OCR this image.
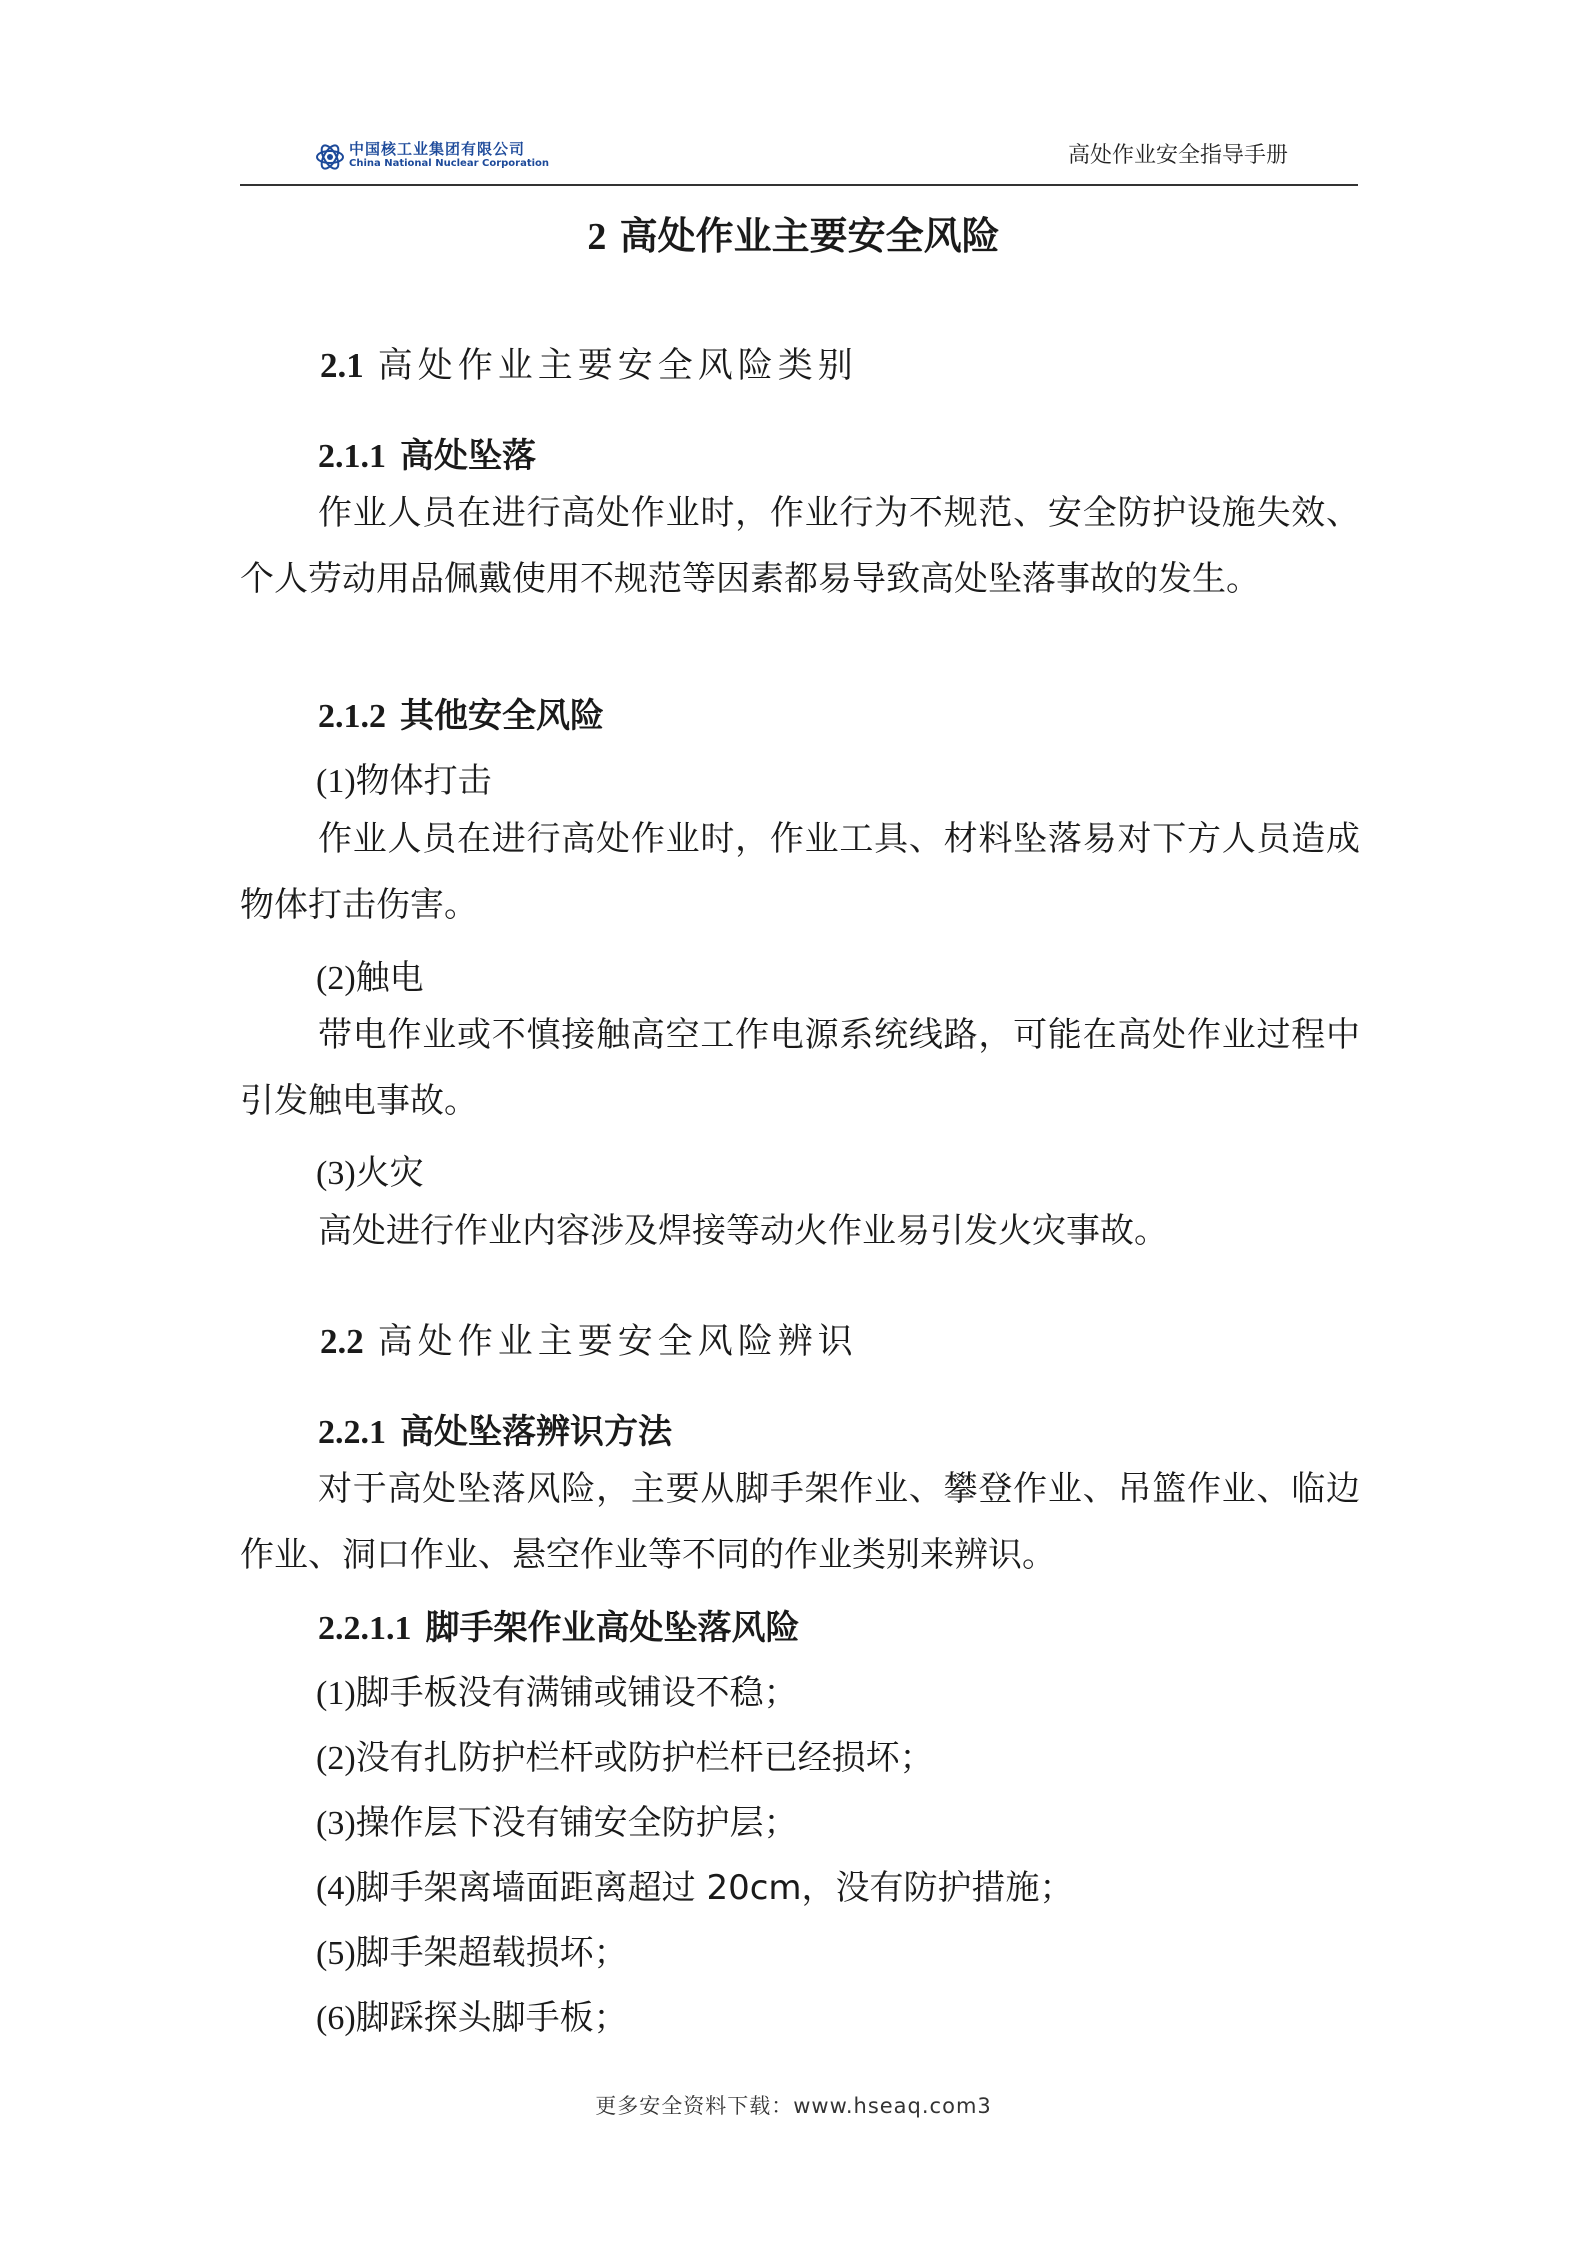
中国核工业集团有限公司
China National Nuclear Corporation	高处作业安全指导手册
2 高处作业主要安全风险
2.1 高处作业主要安全风险类别
2.1.1 高处坠落
作业人员在进行高处作业时，作业行为不规范、安全防护设施失效、个人劳动用品佩戴使用不规范等因素都易导致高处坠落事故的发生。
2.1.2 其他安全风险
(1)物体打击
作业人员在进行高处作业时，作业工具、材料坠落易对下方人员造成物体打击伤害。
(2)触电
带电作业或不慎接触高空工作电源系统线路，可能在高处作业过程中引发触电事故。
(3)火灾
高处进行作业内容涉及焊接等动火作业易引发火灾事故。
2.2 高处作业主要安全风险辨识
2.2.1 高处坠落辨识方法
对于高处坠落风险，主要从脚手架作业、攀登作业、吊篮作业、临边作业、洞口作业、悬空作业等不同的作业类别来辨识。
2.2.1.1 脚手架作业高处坠落风险
(1)脚手板没有满铺或铺设不稳；
(2)没有扎防护栏杆或防护栏杆已经损坏；
(3)操作层下没有铺安全防护层；
(4)脚手架离墙面距离超过 20cm，没有防护措施；
(5)脚手架超载损坏；
(6)脚踩探头脚手板；
更多安全资料下载：www.hseaq.com3
